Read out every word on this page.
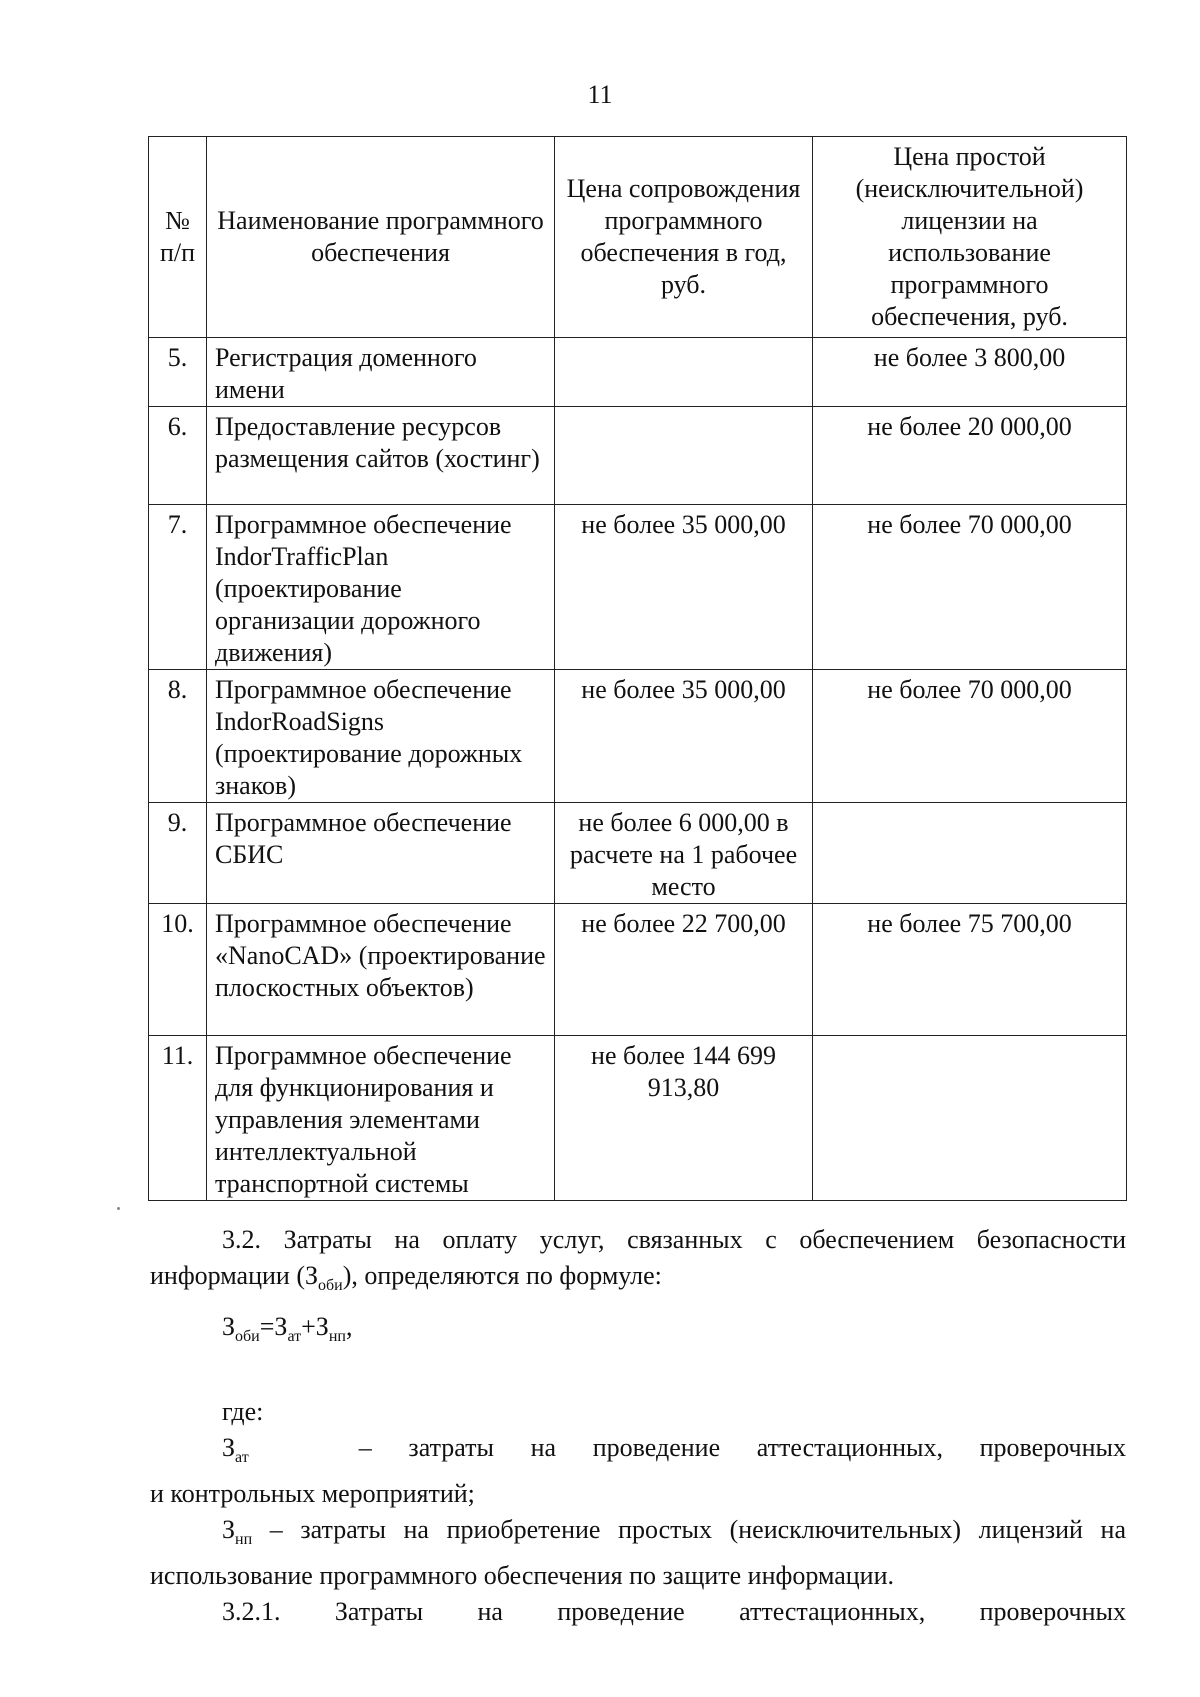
11
№ п/п	Наименование программного обеспечения	Цена сопровождения программного обеспечения в год, руб.	Цена простой (неисключительной) лицензии на использование программного обеспечения, руб.
5.	Регистрация доменного имени		не более 3 800,00
6.	Предоставление ресурсов размещения сайтов (хостинг)		не более 20 000,00
7.	Программное обеспечение IndorTrafficPlan (проектирование организации дорожного движения)	не более 35 000,00	не более 70 000,00
8.	Программное обеспечение IndorRoadSigns (проектирование дорожных знаков)	не более 35 000,00	не более 70 000,00
9.	Программное обеспечение СБИС	не более 6 000,00 в расчете на 1 рабочее место	
10.	Программное обеспечение «NanoCAD» (проектирование плоскостных объектов)	не более 22 700,00	не более 75 700,00
11.	Программное обеспечение для функционирования и управления элементами интеллектуальной транспортной системы	не более 144 699 913,80	
3.2. Затраты на оплату услуг, связанных с обеспечением безопасности
информации $(З_{оби})$, определяются по формуле:
$З_{оби}=З_{ат}+З_{нп}$,
где:
$З_{ат}$	– затраты на проведение аттестационных, проверочных
и контрольных мероприятий;
$З_{нп}$ – затраты на приобретение простых (неисключительных) лицензий на
использование программного обеспечения по защите информации.
3.2.1. Затраты на проведение аттестационных, проверочных
